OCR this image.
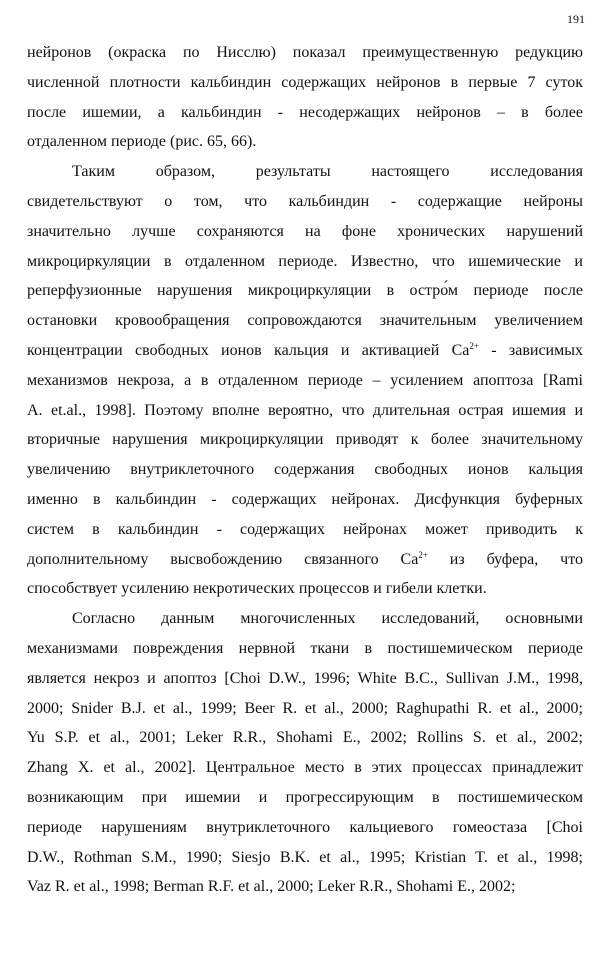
191
нейронов (окраска по Нисслю) показал преимущественную редукцию
численной плотности кальбиндин содержащих нейронов в первые 7 суток
после ишемии, а кальбиндин - несодержащих нейронов – в более
отдаленном периоде (рис. 65, 66).
Таким образом, результаты настоящего исследования
свидетельствуют о том, что кальбиндин - содержащие нейроны
значительно лучше сохраняются на фоне хронических нарушений
микроциркуляции в отдаленном периоде. Известно, что ишемические и
реперфузионные нарушения микроциркуляции в остро́м периоде после
остановки кровообращения сопровождаются значительным увеличением
концентрации свободных ионов кальция и активацией $Ca^{2+}$ - зависимых
механизмов некроза, а в отдаленном периоде – усилением апоптоза [Rami
A. et.al., 1998]. Поэтому вполне вероятно, что длительная острая ишемия и
вторичные нарушения микроциркуляции приводят к более значительному
увеличению внутриклеточного содержания свободных ионов кальция
именно в кальбиндин - содержащих нейронах. Дисфункция буферных
систем в кальбиндин - содержащих нейронах может приводить к
дополнительному высвобождению связанного $Ca^{2+}$ из буфера, что
способствует усилению некротических процессов и гибели клетки.
Согласно данным многочисленных исследований, основными
механизмами повреждения нервной ткани в постишемическом периоде
является некроз и апоптоз [Choi D.W., 1996; White B.C., Sullivan J.M., 1998,
2000; Snider B.J. et al., 1999; Beer R. et al., 2000; Raghupathi R. et al., 2000;
Yu S.P. et al., 2001; Leker R.R., Shohami E., 2002; Rollins S. et al., 2002;
Zhang X. et al., 2002]. Центральное место в этих процессах принадлежит
возникающим при ишемии и прогрессирующим в постишемическом
периоде нарушениям внутриклеточного кальциевого гомеостаза [Choi
D.W., Rothman S.M., 1990; Siesjo B.K. et al., 1995; Kristian T. et al., 1998;
Vaz R. et al., 1998; Berman R.F. et al., 2000; Leker R.R., Shohami E., 2002;
